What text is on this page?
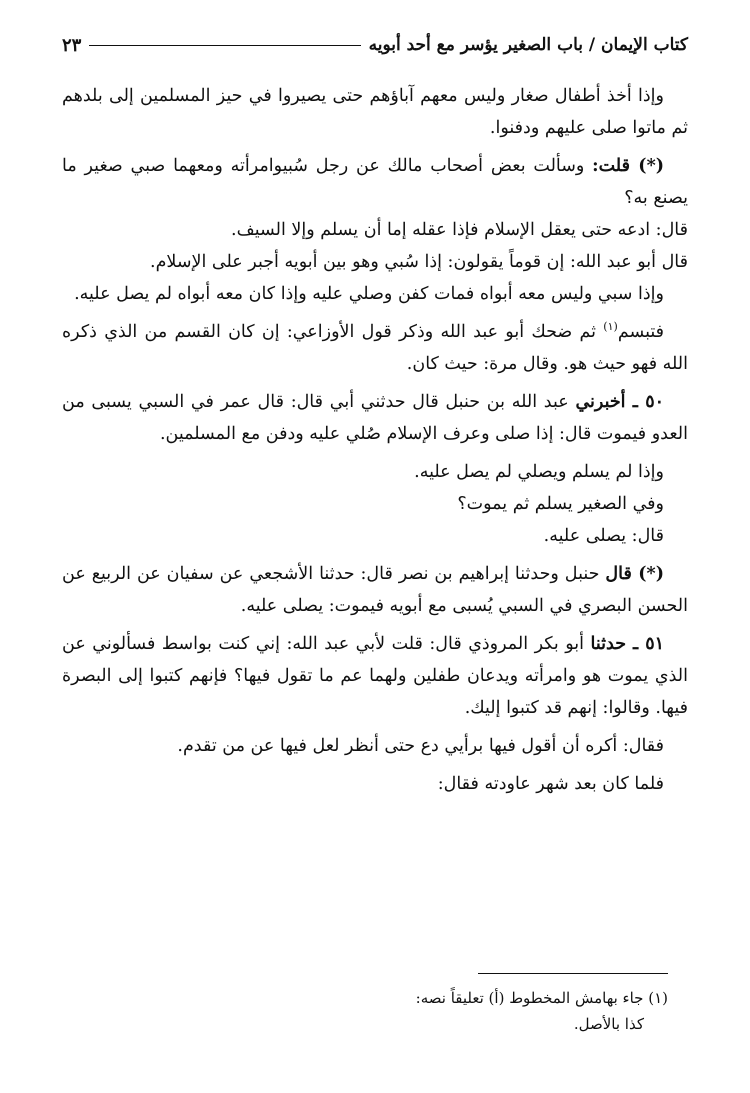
كتاب الإيمان / باب الصغير يؤسر مع أحد أبويه
٢٣

وإذا أخذ أطفال صغار وليس معهم آباؤهم حتى يصيروا في حيز المسلمين إلى بلدهم ثم ماتوا صلى عليهم ودفنوا.

(*) قلت: وسألت بعض أصحاب مالك عن رجل سُبيوامرأته ومعهما صبي صغير ما يصنع به؟

قال: ادعه حتى يعقل الإسلام فإذا عقله إما أن يسلم وإلا السيف.

قال أبو عبد الله: إن قوماً يقولون: إذا سُبي وهو بين أبويه أجبر على الإسلام.

وإذا سبي وليس معه أبواه فمات كفن وصلي عليه وإذا كان معه أبواه لم يصل عليه.

فتبسم$^{(١)}$ ثم ضحك أبو عبد الله وذكر قول الأوزاعي: إن كان القسم من الذي ذكره الله فهو حيث هو. وقال مرة: حيث كان.

٥٠ ـ أخبرني عبد الله بن حنبل قال حدثني أبي قال: قال عمر في السبي يسبى من العدو فيموت قال: إذا صلى وعرف الإسلام صُلي عليه ودفن مع المسلمين.

وإذا لم يسلم ويصلي لم يصل عليه.

وفي الصغير يسلم ثم يموت؟

قال: يصلى عليه.

(*) قال حنبل وحدثنا إبراهيم بن نصر قال: حدثنا الأشجعي عن سفيان عن الربيع عن الحسن البصري في السبي يُسبى مع أبويه فيموت: يصلى عليه.

٥١ ـ حدثنا أبو بكر المروذي قال: قلت لأبي عبد الله: إني كنت بواسط فسألوني عن الذي يموت هو وامرأته ويدعان طفلين ولهما عم ما تقول فيها؟ فإنهم كتبوا إلى البصرة فيها. وقالوا: إنهم قد كتبوا إليك.

فقال: أكره أن أقول فيها برأيي دع حتى أنظر لعل فيها عن من تقدم.

فلما كان بعد شهر عاودته فقال:

(١) جاء بهامش المخطوط (أ) تعليقاً نصه:

كذا بالأصل.
